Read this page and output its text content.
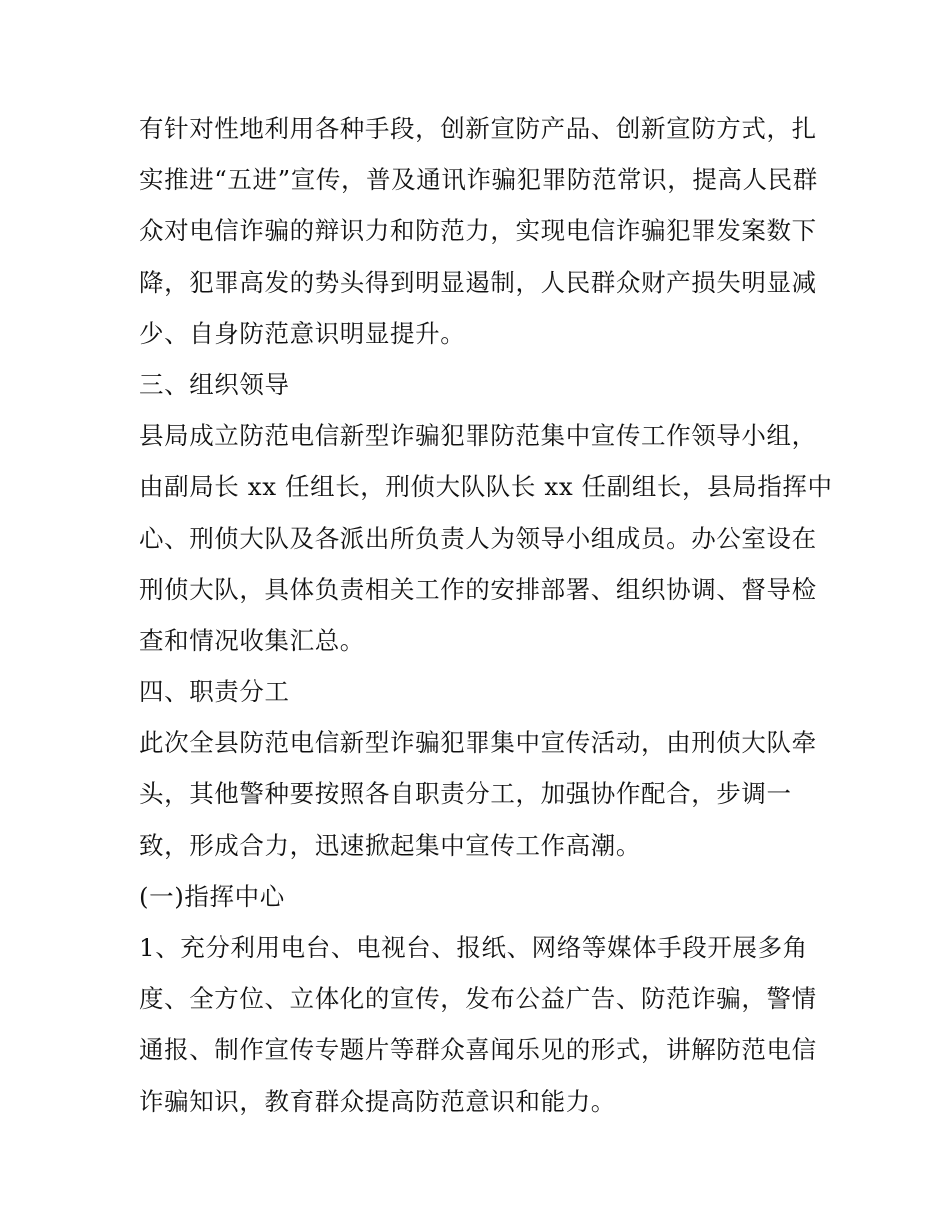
有针对性地利用各种手段，创新宣防产品、创新宣防方式，扎
实推进“五进”宣传，普及通讯诈骗犯罪防范常识，提高人民群
众对电信诈骗的辩识力和防范力，实现电信诈骗犯罪发案数下
降，犯罪高发的势头得到明显遏制，人民群众财产损失明显减
少、自身防范意识明显提升。
三、组织领导
县局成立防范电信新型诈骗犯罪防范集中宣传工作领导小组，
由副局长 xx 任组长，刑侦大队队长 xx 任副组长，县局指挥中
心、刑侦大队及各派出所负责人为领导小组成员。办公室设在
刑侦大队，具体负责相关工作的安排部署、组织协调、督导检
查和情况收集汇总。
四、职责分工
此次全县防范电信新型诈骗犯罪集中宣传活动，由刑侦大队牵
头，其他警种要按照各自职责分工，加强协作配合，步调一
致，形成合力，迅速掀起集中宣传工作高潮。
(一)指挥中心
1、充分利用电台、电视台、报纸、网络等媒体手段开展多角
度、全方位、立体化的宣传，发布公益广告、防范诈骗，警情
通报、制作宣传专题片等群众喜闻乐见的形式，讲解防范电信
诈骗知识，教育群众提高防范意识和能力。
